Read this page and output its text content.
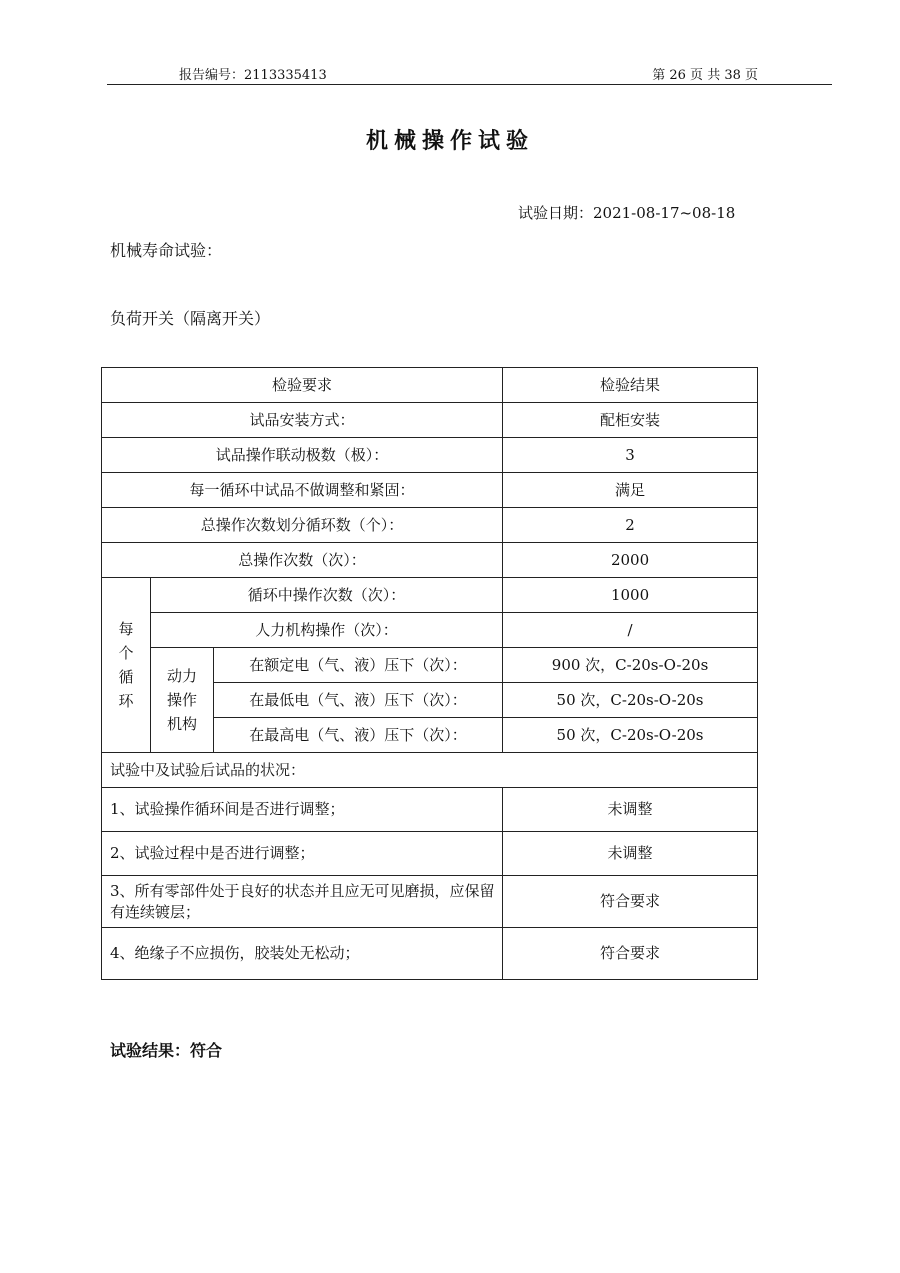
报告编号：2113335413	第 26 页 共 38 页
机械操作试验
试验日期：2021-08-17~08-18
机械寿命试验：
负荷开关（隔离开关）
检验要求			检验结果
试品安装方式：			配柜安装
试品操作联动极数（极）：			3
每一循环中试品不做调整和紧固：			满足
总操作次数划分循环数（个）：			2
总操作次数（次）：			2000
每个循环	循环中操作次数（次）：		1000
	人力机构操作（次）：		/
	动力操作机构	在额定电（气、液）压下（次）：	900 次，C-20s-O-20s
		在最低电（气、液）压下（次）：	50 次，C-20s-O-20s
		在最高电（气、液）压下（次）：	50 次，C-20s-O-20s
试验中及试验后试品的状况：			
1、试验操作循环间是否进行调整；			未调整
2、试验过程中是否进行调整；			未调整
3、所有零部件处于良好的状态并且应无可见磨损，应保留有连续镀层；			符合要求
4、绝缘子不应损伤，胶装处无松动；			符合要求
试验结果：符合
